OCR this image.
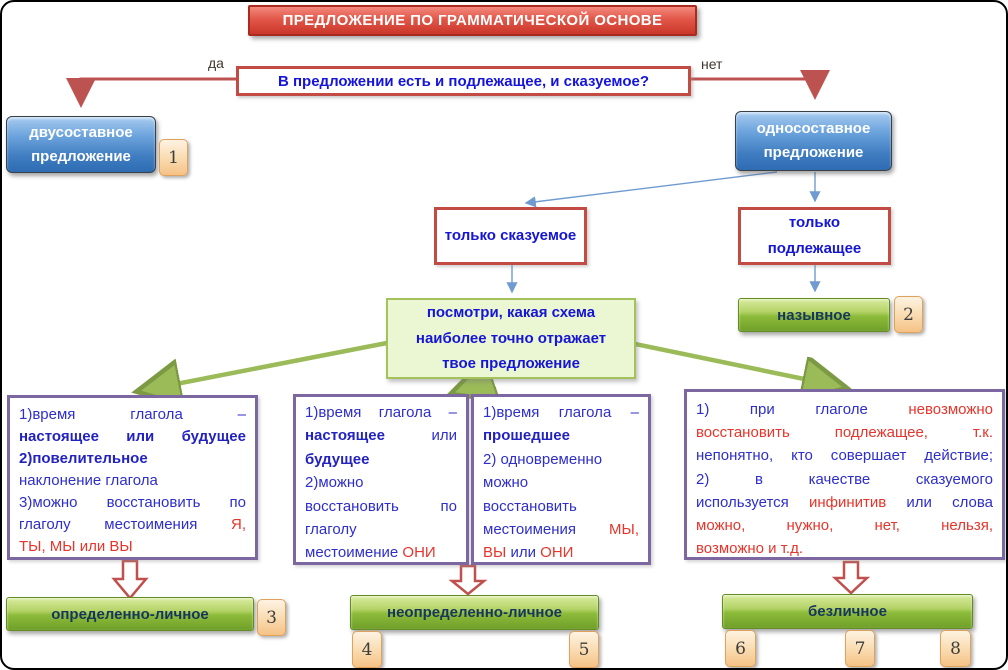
ПРЕДЛОЖЕНИЕ ПО ГРАММАТИЧЕСКОЙ ОСНОВЕ
В предложении есть и подлежащее, и сказуемое?
да	нет
двусоставное предложение	1
односоставное предложение
только сказуемое
только подлежащее
назывное	2
посмотри, какая схема
наиболее точно отражает
твое предложение
1)время глагола –
настоящее или будущее
2)повелительное
наклонение глагола
3)можно восстановить по
глаголу местоимения Я,
ТЫ, МЫ или ВЫ
1)время глагола –
настоящее или
будущее
2)можно
восстановить по
глаголу
местоимение ОНИ
1)время глагола –
прошедшее
2) одновременно
можно
восстановить
местоимения МЫ,
ВЫ или ОНИ
1) при глаголе невозможно
восстановить подлежащее, т.к.
непонятно, кто совершает действие;
2) в качестве сказуемого
используется инфинитив или слова
можно, нужно, нет, нельзя,
возможно и т.д.
определенно-личное	3	неопределенно-личное
4	5
безличное
6	7	8
